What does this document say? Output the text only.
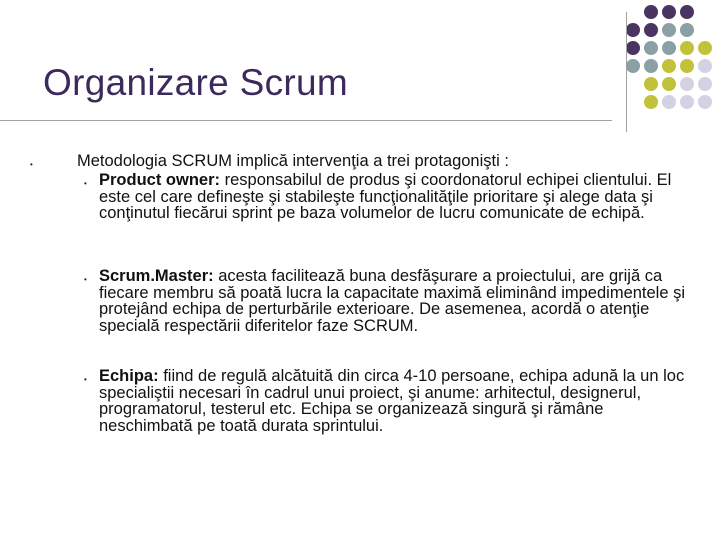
Organizare Scrum
•	Metodologia SCRUM implică intervenţia a trei protagonişti :
• Product owner: responsabilul de produs şi coordonatorul echipei clientului. El este cel care defineşte şi stabileşte funcţionalităţile prioritare şi alege data şi conţinutul fiecărui sprint pe baza volumelor de lucru comunicate de echipă.
• Scrum.Master: acesta facilitează buna desfăşurare a proiectului, are grijă ca fiecare membru să poată lucra la capacitate maximă eliminând impedimentele şi protejând echipa de perturbările exterioare. De asemenea, acordă o atenţie specială respectării diferitelor faze SCRUM.
• Echipa: fiind de regulă alcătuită din circa 4-10 persoane, echipa adună la un loc specialiştii necesari în cadrul unui proiect, şi anume: arhitectul, designerul, programatorul, testerul etc. Echipa se organizează singură şi rămâne neschimbată pe toată durata sprintului.
